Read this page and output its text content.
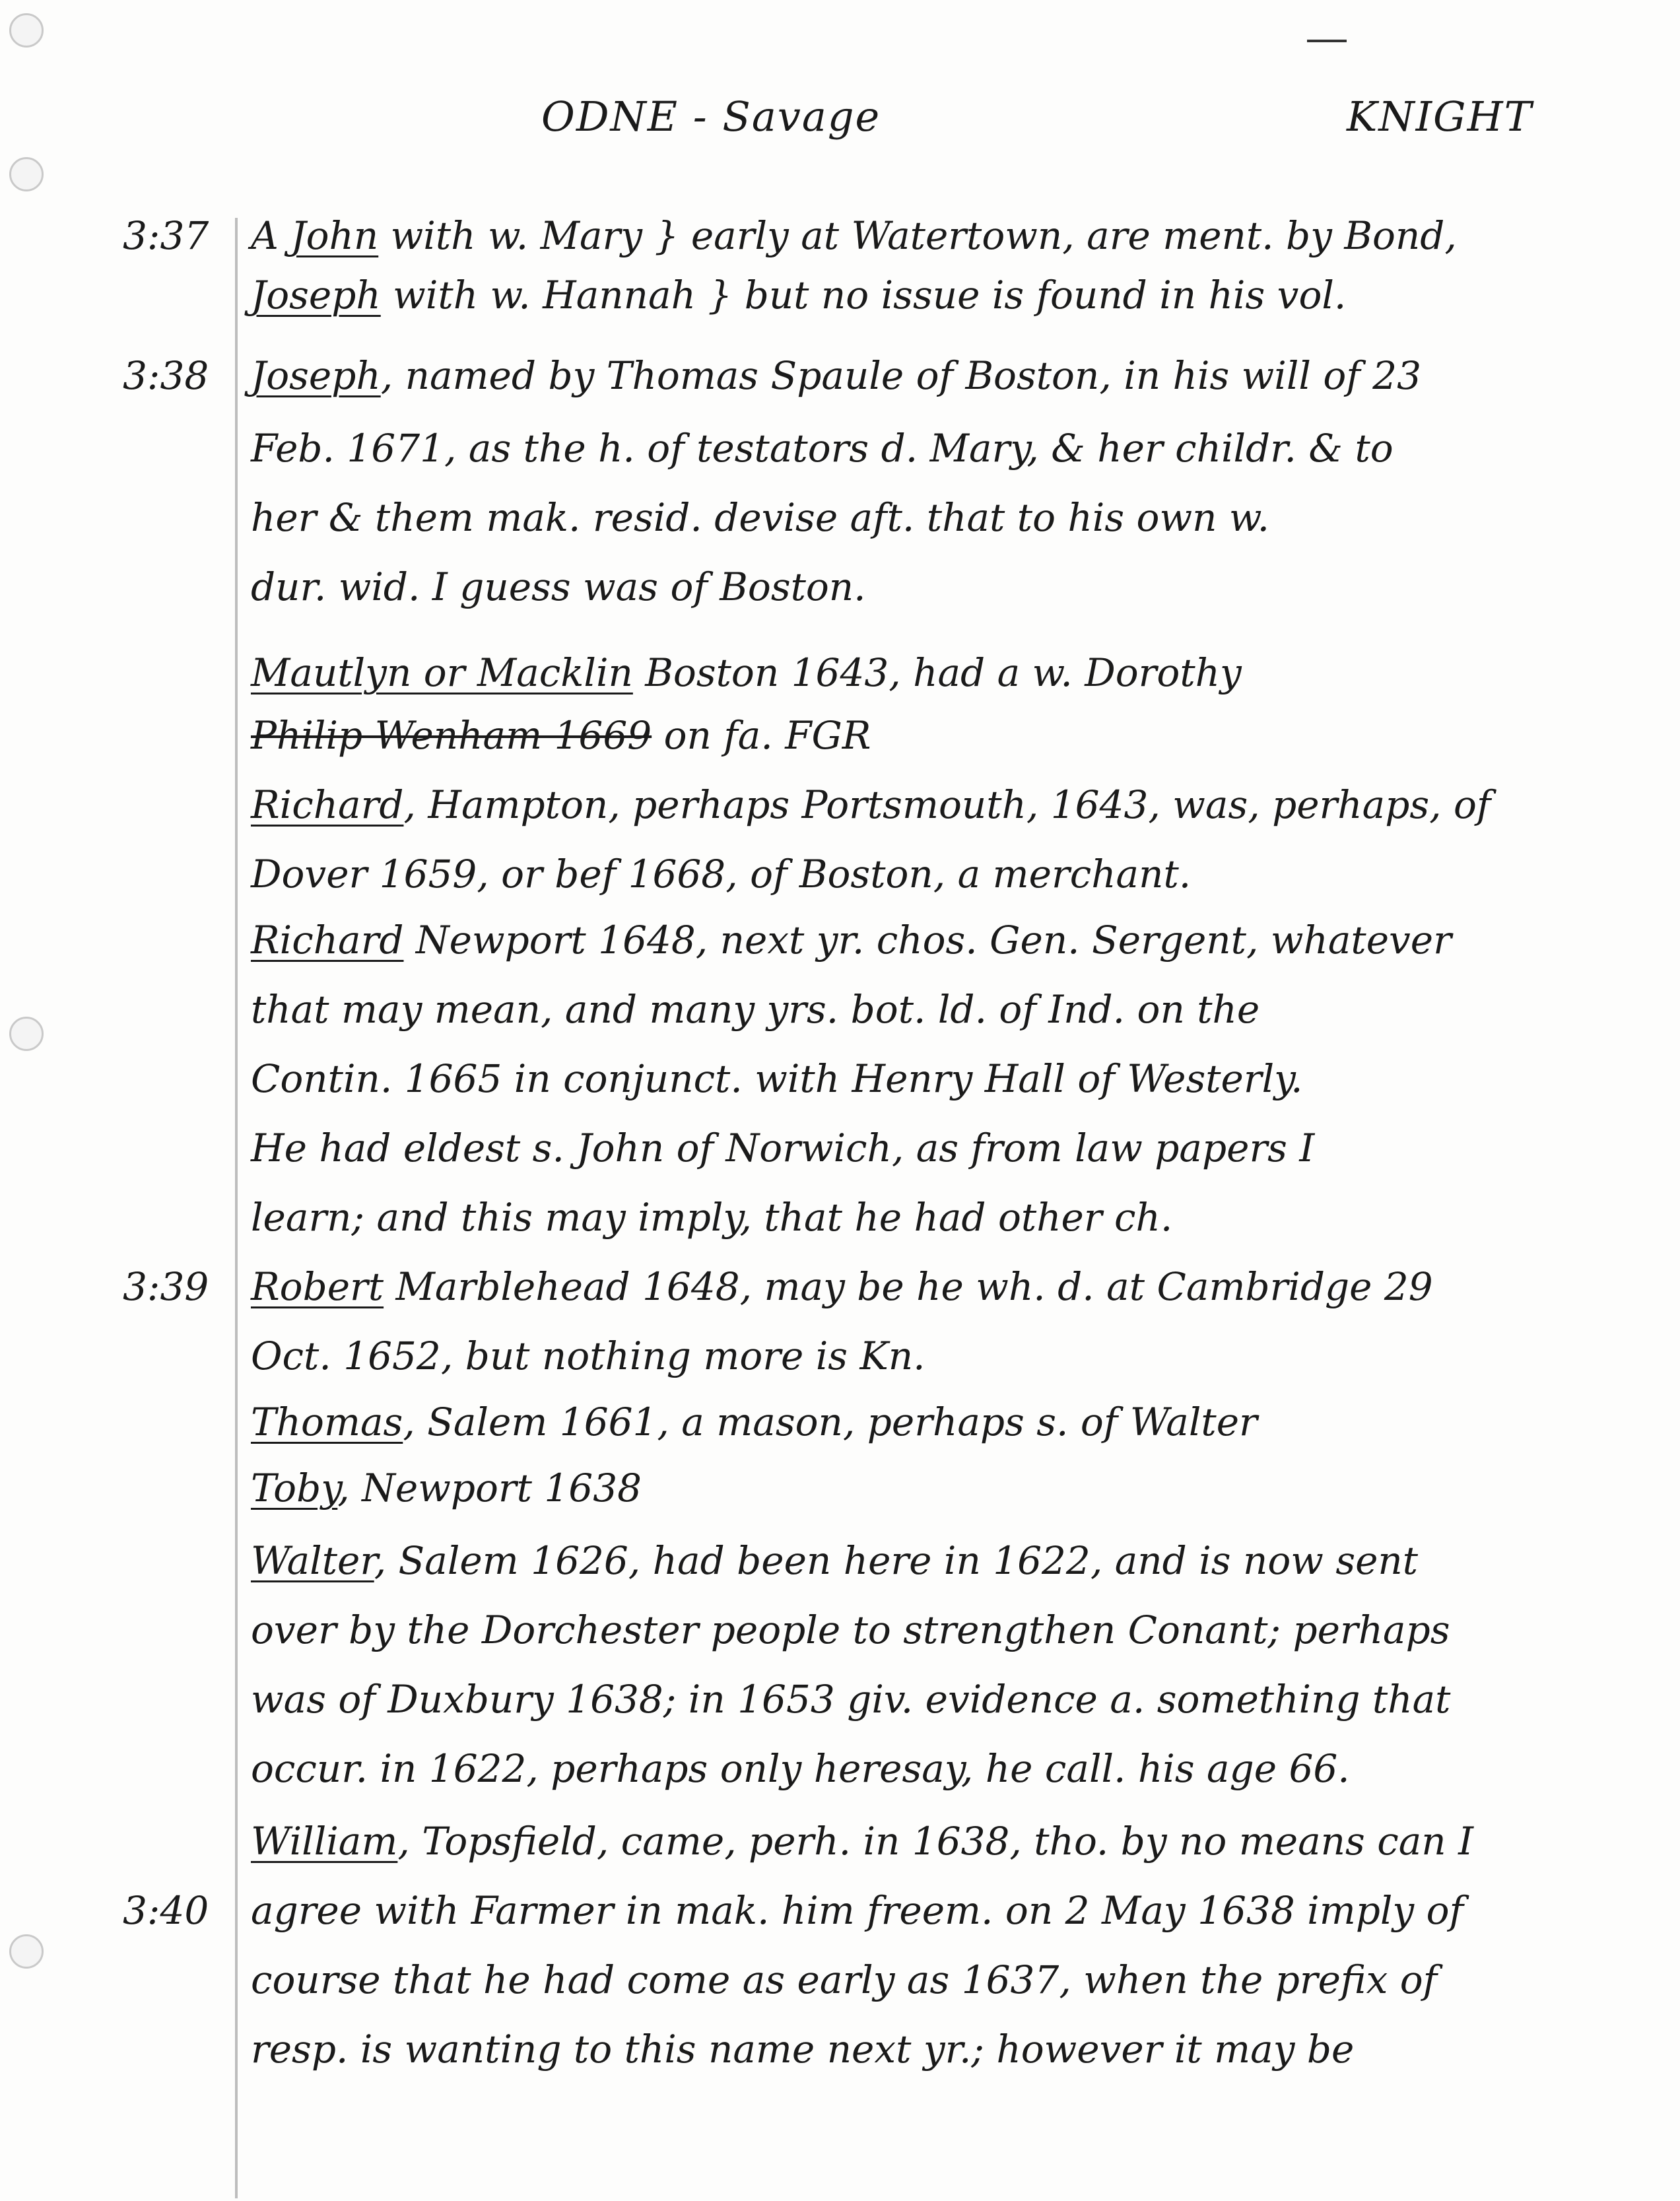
ODNE - Savage	KNIGHT
3:37
3:38
3:39
3:40
A John with w. Mary } early at Watertown, are ment. by Bond,
Joseph with w. Hannah } but no issue is found in his vol.
Joseph, named by Thomas Spaule of Boston, in his will of 23
Feb. 1671, as the h. of testators d. Mary, & her childr. & to
her & them mak. resid. devise aft. that to his own w.
dur. wid. I guess was of Boston.
Mautlyn or Macklin Boston 1643, had a w. Dorothy
Philip Wenham 1669 on fa. FGR
Richard, Hampton, perhaps Portsmouth, 1643, was, perhaps, of
Dover 1659, or bef 1668, of Boston, a merchant.
Richard Newport 1648, next yr. chos. Gen. Sergent, whatever
that may mean, and many yrs. bot. ld. of Ind. on the
Contin. 1665 in conjunct. with Henry Hall of Westerly.
He had eldest s. John of Norwich, as from law papers I
learn; and this may imply, that he had other ch.
Robert Marblehead 1648, may be he wh. d. at Cambridge 29
Oct. 1652, but nothing more is Kn.
Thomas, Salem 1661, a mason, perhaps s. of Walter
Toby, Newport 1638
Walter, Salem 1626, had been here in 1622, and is now sent
over by the Dorchester people to strengthen Conant; perhaps
was of Duxbury 1638; in 1653 giv. evidence a. something that
occur. in 1622, perhaps only heresay, he call. his age 66.
William, Topsfield, came, perh. in 1638, tho. by no means can I
agree with Farmer in mak. him freem. on 2 May 1638 imply of
course that he had come as early as 1637, when the prefix of
resp. is wanting to this name next yr.; however it may be
